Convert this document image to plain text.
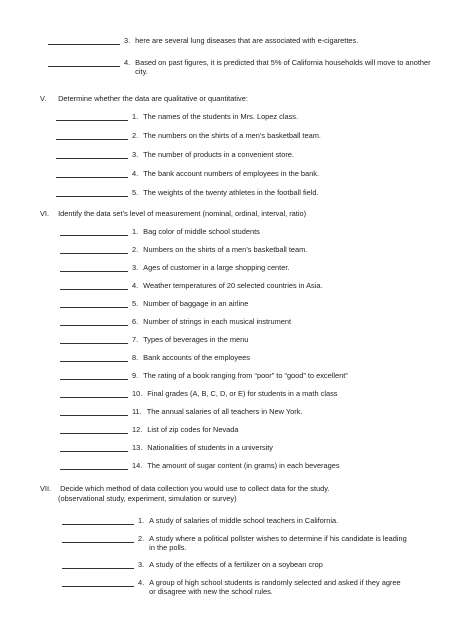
3. here are several lung diseases that are associated with e-cigarettes.
4. Based on past figures, it is predicted that 5% of California households will move to another city.
V. Determine whether the data are qualitative or quantitative:
1. The names of the students in Mrs. Lopez class.
2. The numbers on the shirts of a men’s basketball team.
3. The number of products in a convenient store.
4. The bank account numbers of employees in the bank.
5. The weights of the twenty athletes in the football field.
VI. Identify the data set’s level of measurement (nominal, ordinal, interval, ratio)
1. Bag color of middle school students
2. Numbers on the shirts of a men’s basketball team.
3. Ages of customer in a large shopping center.
4. Weather temperatures of 20 selected countries in Asia.
5. Number of baggage in an airline
6. Number of strings in each musical instrument
7. Types of beverages in the menu
8. Bank accounts of the employees
9. The rating of a book ranging from “poor” to “good” to excellent”
10. Final grades (A, B, C, D, or E) for students in a math class
11. The annual salaries of all teachers in New York.
12. List of zip codes for Nevada
13. Nationalities of students in a university
14. The amount of sugar content (in grams) in each beverages
VII. Decide which method of data collection you would use to collect data for the study.
(observational study, experiment, simulation or survey)
1. A study of salaries of middle school teachers in California.
2. A study where a political pollster wishes to determine if his candidate is leading in the polls.
3. A study of the effects of a fertilizer on a soybean crop
4. A group of high school students is randomly selected and asked if they agree or disagree with new the school rules.
